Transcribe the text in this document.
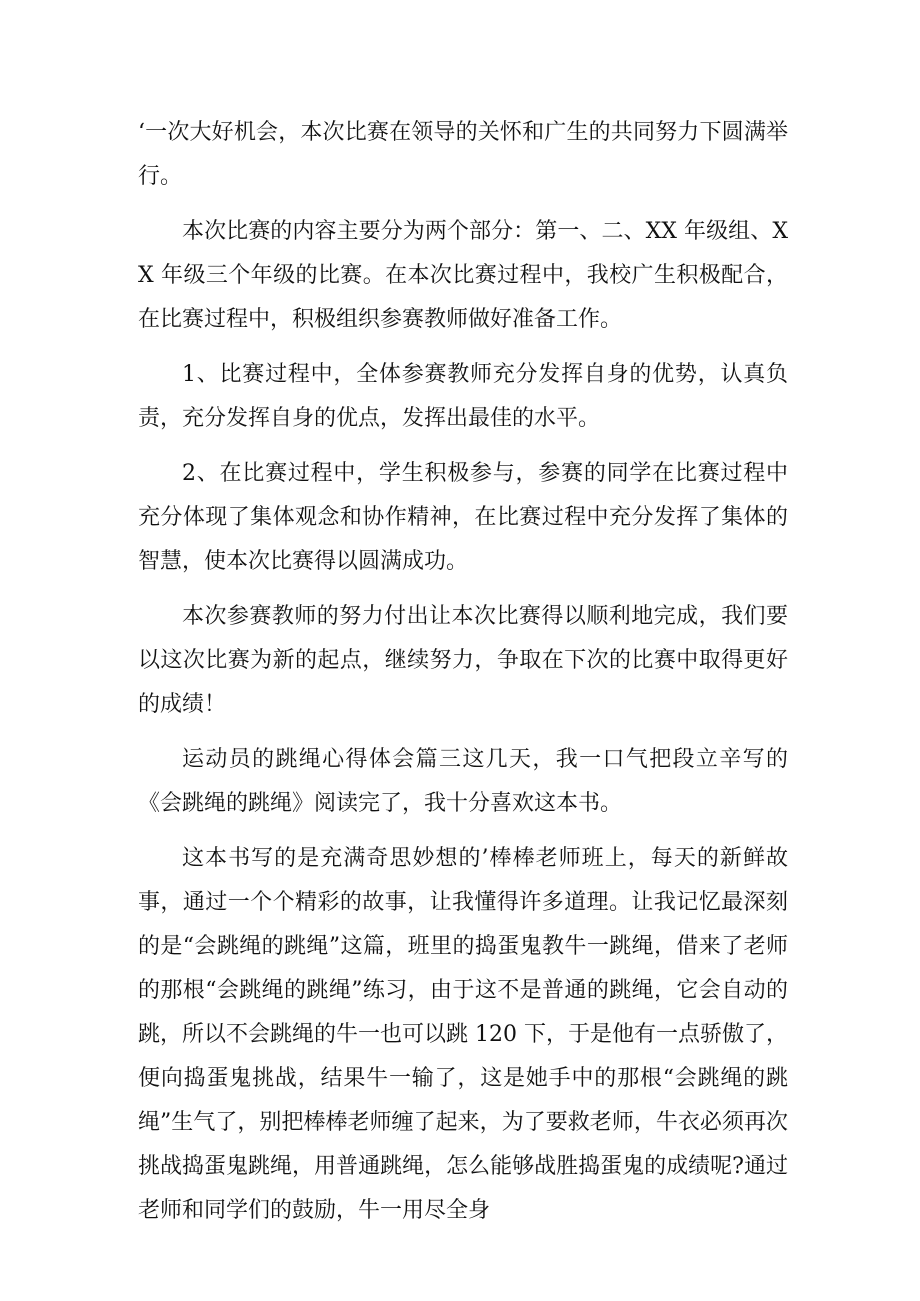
‘一次大好机会，本次比赛在领导的关怀和广生的共同努力下圆满举行。

本次比赛的内容主要分为两个部分：第一、二、XX 年级组、XX 年级三个年级的比赛。在本次比赛过程中，我校广生积极配合，在比赛过程中，积极组织参赛教师做好准备工作。

1、比赛过程中，全体参赛教师充分发挥自身的优势，认真负责，充分发挥自身的优点，发挥出最佳的水平。

2、在比赛过程中，学生积极参与，参赛的同学在比赛过程中充分体现了集体观念和协作精神，在比赛过程中充分发挥了集体的智慧，使本次比赛得以圆满成功。

本次参赛教师的努力付出让本次比赛得以顺利地完成，我们要以这次比赛为新的起点，继续努力，争取在下次的比赛中取得更好的成绩！

运动员的跳绳心得体会篇三这几天，我一口气把段立辛写的《会跳绳的跳绳》阅读完了，我十分喜欢这本书。

这本书写的是充满奇思妙想的’棒棒老师班上，每天的新鲜故事，通过一个个精彩的故事，让我懂得许多道理。让我记忆最深刻的是“会跳绳的跳绳”这篇，班里的捣蛋鬼教牛一跳绳，借来了老师的那根“会跳绳的跳绳”练习，由于这不是普通的跳绳，它会自动的跳，所以不会跳绳的牛一也可以跳 120 下，于是他有一点骄傲了，便向捣蛋鬼挑战，结果牛一输了，这是她手中的那根“会跳绳的跳绳”生气了，别把棒棒老师缠了起来，为了要救老师，牛衣必须再次挑战捣蛋鬼跳绳，用普通跳绳，怎么能够战胜捣蛋鬼的成绩呢?通过老师和同学们的鼓励，牛一用尽全身
